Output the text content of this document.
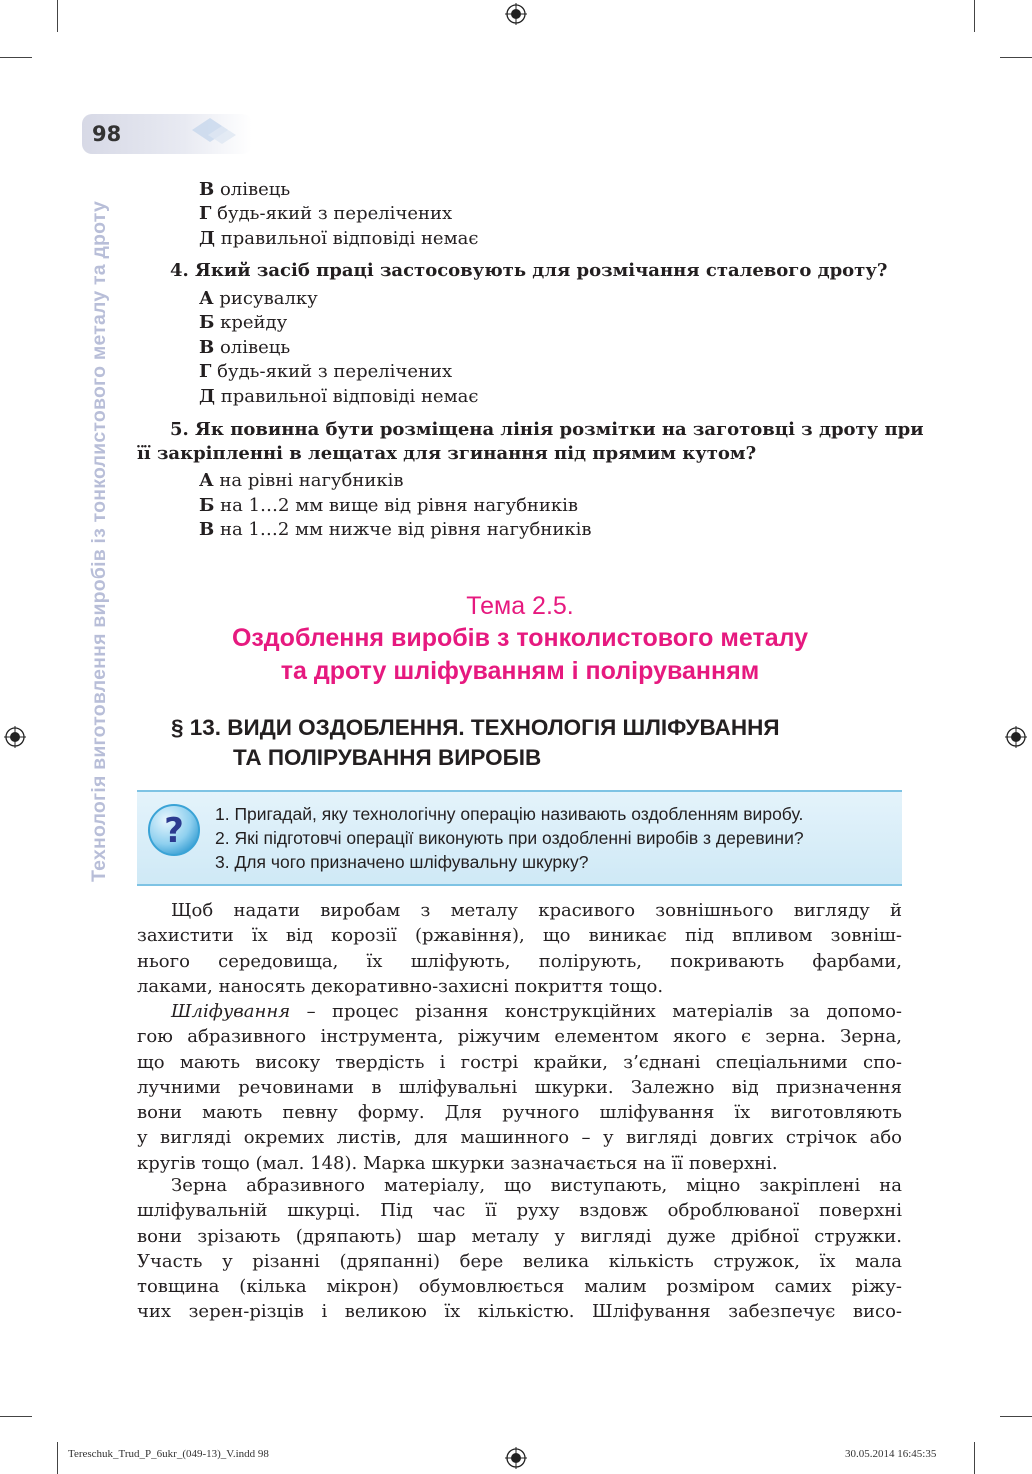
98
Технологія виготовлення виробів із тонколистового металу та дроту
В олівець
Г будь-який з перелічених
Д правильної відповіді немає
4. Який засіб праці застосовують для розмічання сталевого дроту?
А рисувалку
Б крейду
В олівець
Г будь-який з перелічених
Д правильної відповіді немає
5. Як повинна бути розміщена лінія розмітки на заготовці з дроту при
її закріпленні в лещатах для згинання під прямим кутом?
А на рівні нагубників
Б на 1…2 мм вище від рівня нагубників
В на 1…2 мм нижче від рівня нагубників
Тема 2.5.
Оздоблення виробів з тонколистового металу
та дроту шліфуванням і поліруванням
§ 13. ВИДИ ОЗДОБЛЕННЯ. ТЕХНОЛОГІЯ ШЛІФУВАННЯ
ТА ПОЛІРУВАННЯ ВИРОБІВ
? 1. Пригадай, яку технологічну операцію називають оздобленням виробу.
2. Які підготовчі операції виконують при оздобленні виробів з деревини?
3. Для чого призначено шліфувальну шкурку?
Щоб надати виробам з металу красивого зовнішнього вигляду й
захистити їх від корозії (ржавіння), що виникає під впливом зовніш-
нього середовища, їх шліфують, полірують, покривають фарбами,
лаками, наносять декоративно-захисні покриття тощо.
Шліфування – процес різання конструкційних матеріалів за допомо-
гою абразивного інструмента, ріжучим елементом якого є зерна. Зерна,
що мають високу твердість і гострі крайки, з’єднані спеціальними спо-
лучними речовинами в шліфувальні шкурки. Залежно від призначення
вони мають певну форму. Для ручного шліфування їх виготовляють
у вигляді окремих листів, для машинного – у вигляді довгих стрічок або
кругів тощо (мал. 148). Марка шкурки зазначається на її поверхні.
Зерна абразивного матеріалу, що виступають, міцно закріплені на
шліфувальній шкурці. Під час її руху вздовж оброблюваної поверхні
вони зрізають (дряпають) шар металу у вигляді дуже дрібної стружки.
Участь у різанні (дряпанні) бере велика кількість стружок, їх мала
товщина (кілька мікрон) обумовлюється малим розміром самих ріжу-
чих зерен-різців і великою їх кількістю. Шліфування забезпечує висо-
Tereschuk_Trud_P_6ukr_(049-13)_V.indd 98	30.05.2014 16:45:35
